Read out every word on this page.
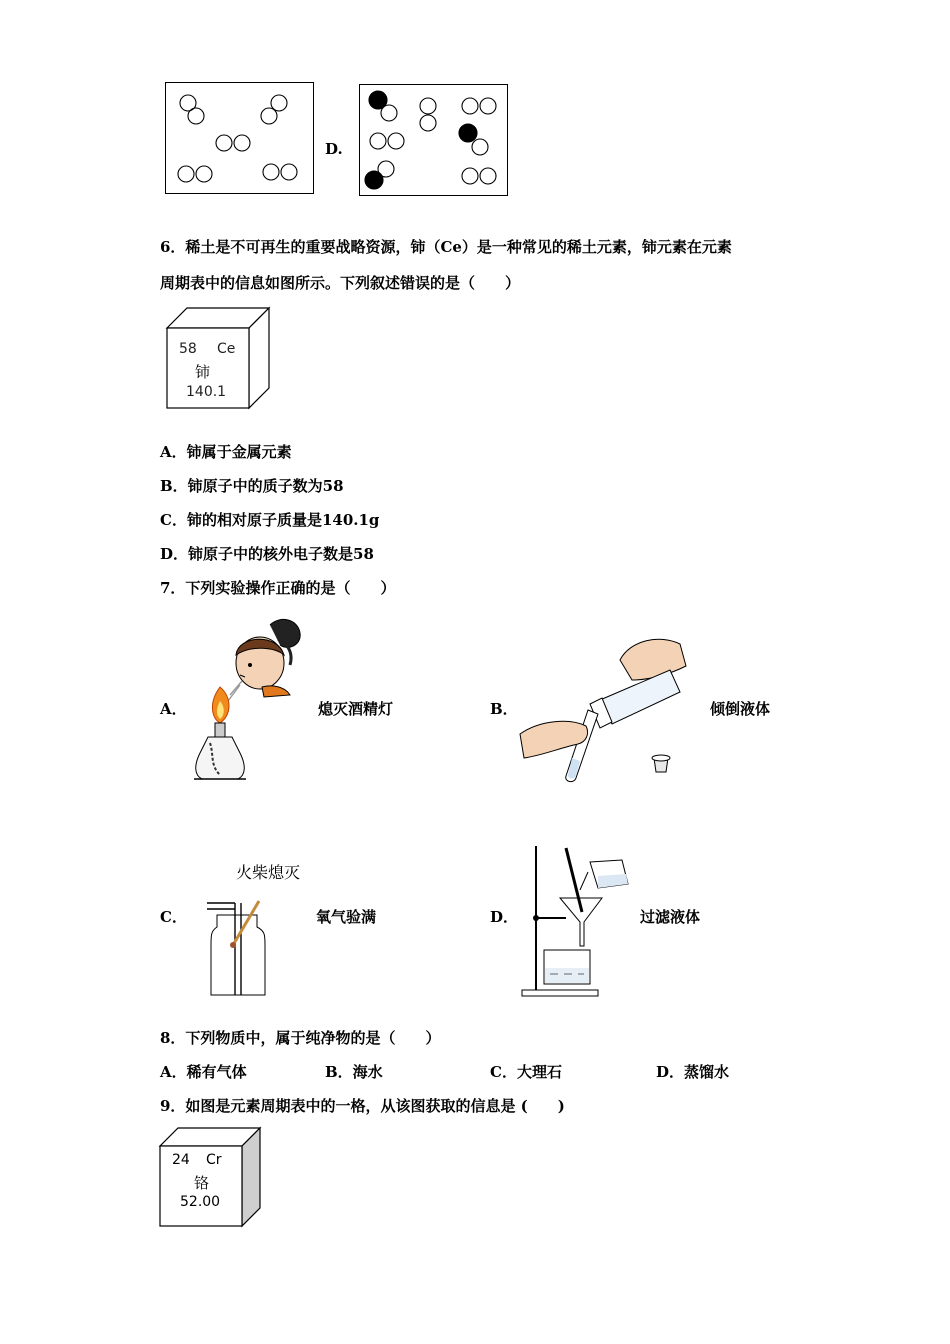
D.
6．稀土是不可再生的重要战略资源，铈（Ce）是一种常见的稀土元素，铈元素在元素
周期表中的信息如图所示。下列叙述错误的是（　　）
58 Ce
铈
140.1
A．铈属于金属元素
B．铈原子中的质子数为58
C．铈的相对原子质量是140.1g
D．铈原子中的核外电子数是58
7．下列实验操作正确的是（　　）
A．	熄灭酒精灯	B．	倾倒液体
C．
火柴熄灭
氧气验满	D．	过滤液体
8．下列物质中，属于纯净物的是（　　）
A．稀有气体	B．海水	C．大理石	D．蒸馏水
9．如图是元素周期表中的一格，从该图获取的信息是 (　　)
24 Cr
铬
52.00
